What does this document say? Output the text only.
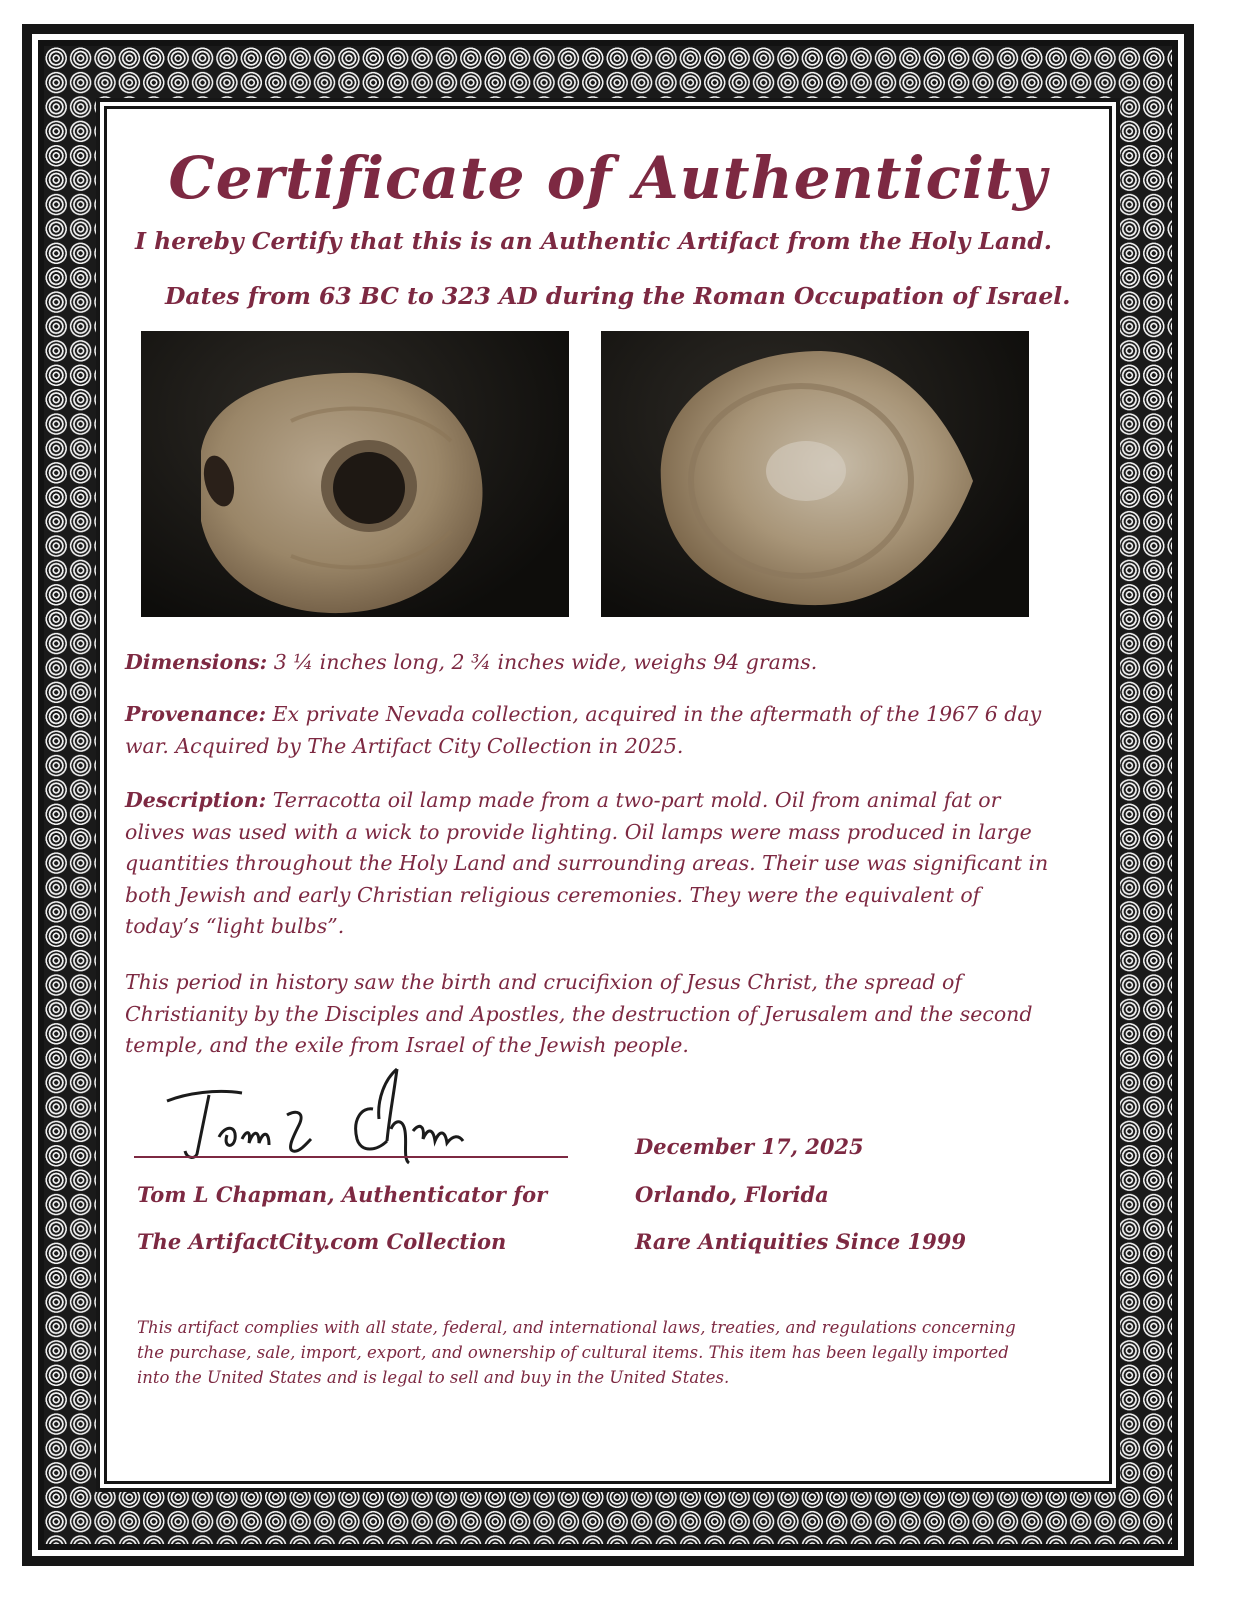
Certificate of Authenticity
I hereby Certify that this is an Authentic Artifact from the Holy Land.
Dates from 63 BC to 323 AD during the Roman Occupation of Israel.
Dimensions: 3 ¼ inches long, 2 ¾ inches wide, weighs 94 grams.
Provenance: Ex private Nevada collection, acquired in the aftermath of the 1967 6 day war. Acquired by The Artifact City Collection in 2025.
Description: Terracotta oil lamp made from a two-part mold. Oil from animal fat or olives was used with a wick to provide lighting. Oil lamps were mass produced in large quantities throughout the Holy Land and surrounding areas. Their use was significant in both Jewish and early Christian religious ceremonies. They were the equivalent of today’s “light bulbs”.
This period in history saw the birth and crucifixion of Jesus Christ, the spread of Christianity by the Disciples and Apostles, the destruction of Jerusalem and the second temple, and the exile from Israel of the Jewish people.
Tom L Chapman, Authenticator for
The ArtifactCity.com Collection
December 17, 2025
Orlando, Florida
Rare Antiquities Since 1999
This artifact complies with all state, federal, and international laws, treaties, and regulations concerning the purchase, sale, import, export, and ownership of cultural items. This item has been legally imported into the United States and is legal to sell and buy in the United States.
